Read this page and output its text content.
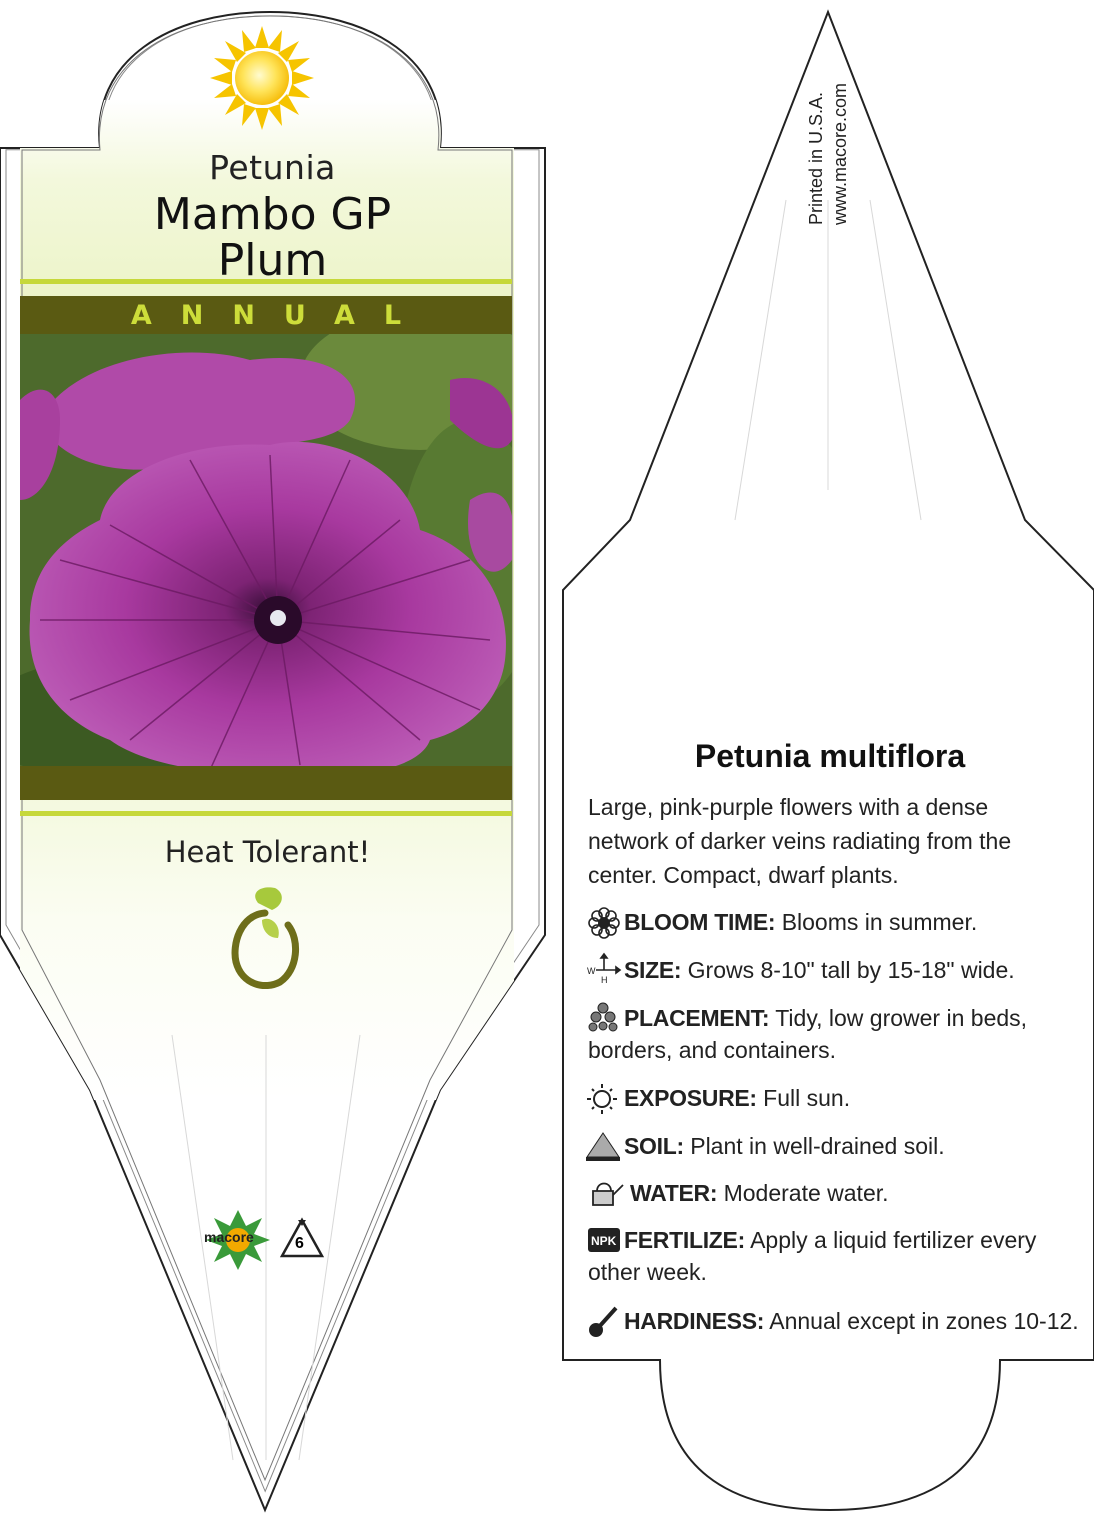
W
H
NPK
Petunia
Mambo GP
Plum
ANNUAL
Heat Tolerant!
macore	6
Printed in U.S.A. www.macore.com
Petunia multiflora
Large, pink-purple flowers with a dense network of darker veins radiating from the center. Compact, dwarf plants.
BLOOM TIME: Blooms in summer.
SIZE: Grows 8-10" tall by 15-18" wide.
PLACEMENT: Tidy, low grower in beds, borders, and containers.
EXPOSURE: Full sun.
SOIL: Plant in well-drained soil.
WATER: Moderate water.
FERTILIZE: Apply a liquid fertilizer every other week.
HARDINESS: Annual except in zones 10-12.
